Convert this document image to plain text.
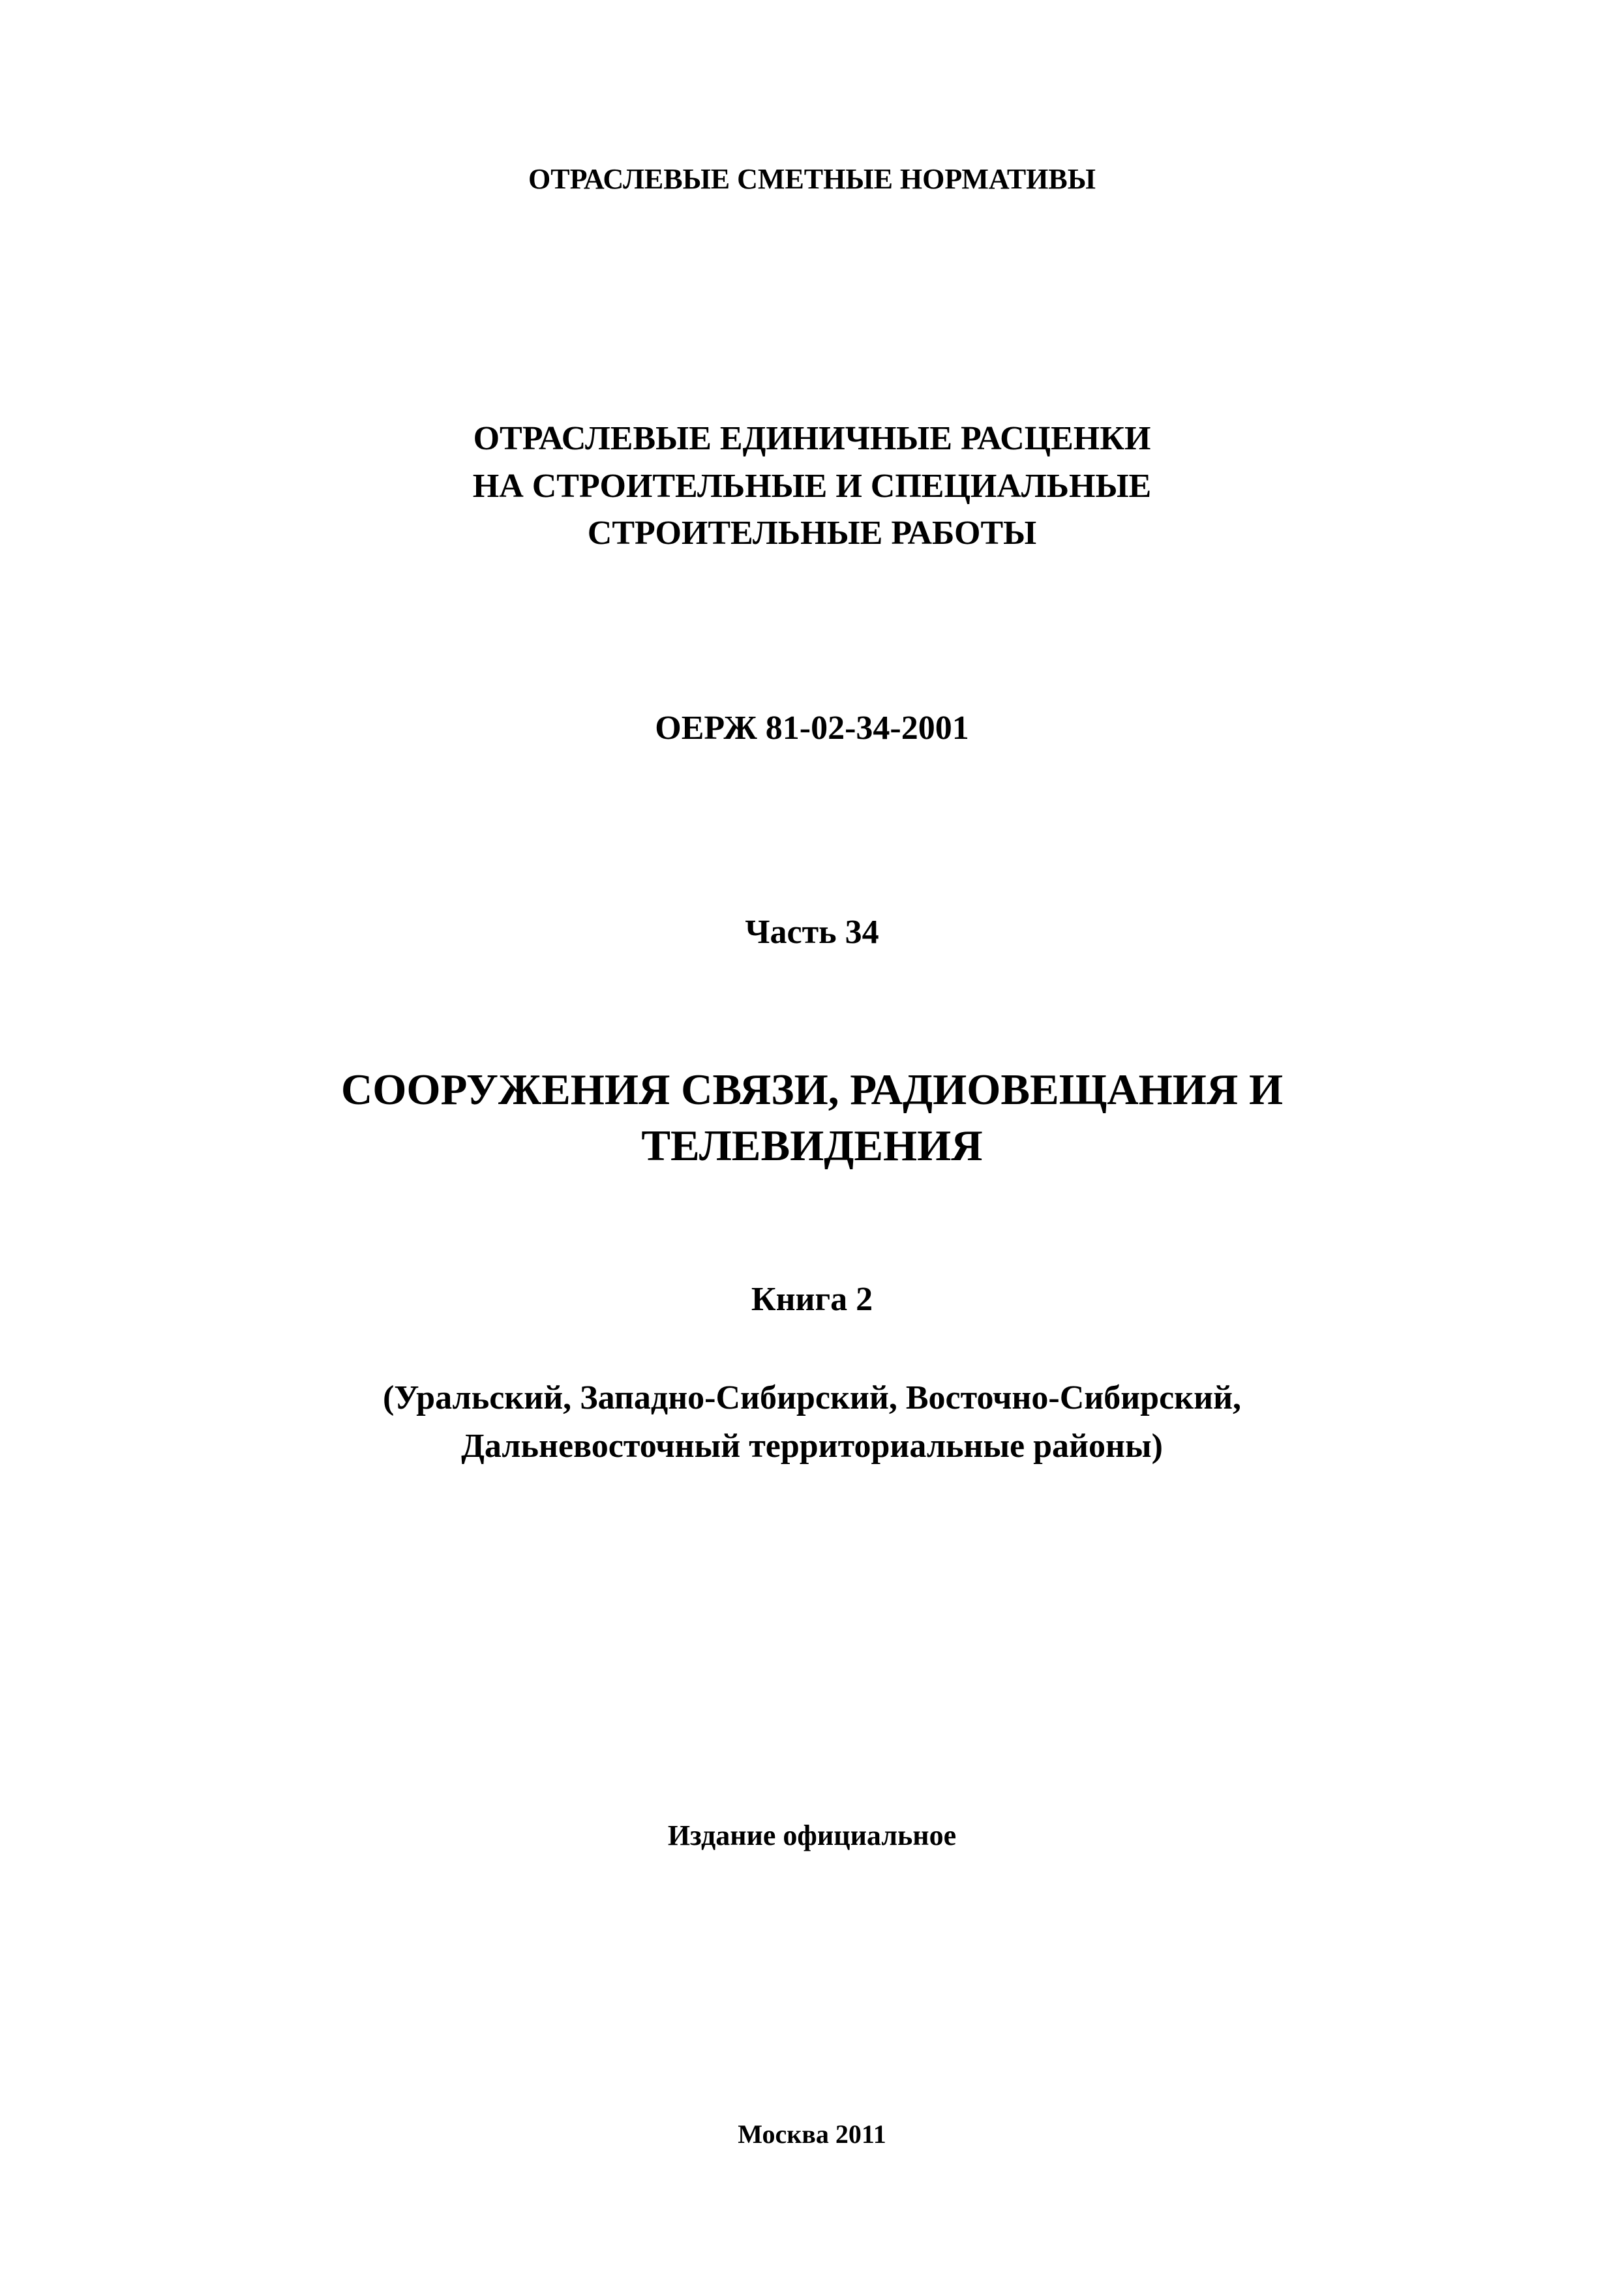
ОТРАСЛЕВЫЕ СМЕТНЫЕ НОРМАТИВЫ

ОТРАСЛЕВЫЕ ЕДИНИЧНЫЕ РАСЦЕНКИ

НА СТРОИТЕЛЬНЫЕ И СПЕЦИАЛЬНЫЕ

СТРОИТЕЛЬНЫЕ РАБОТЫ

ОЕРЖ 81-02-34-2001

Часть 34

СООРУЖЕНИЯ СВЯЗИ, РАДИОВЕЩАНИЯ И

ТЕЛЕВИДЕНИЯ

Книга 2

(Уральский, Западно-Сибирский, Восточно-Сибирский,

Дальневосточный территориальные районы)

Издание официальное

Москва 2011
